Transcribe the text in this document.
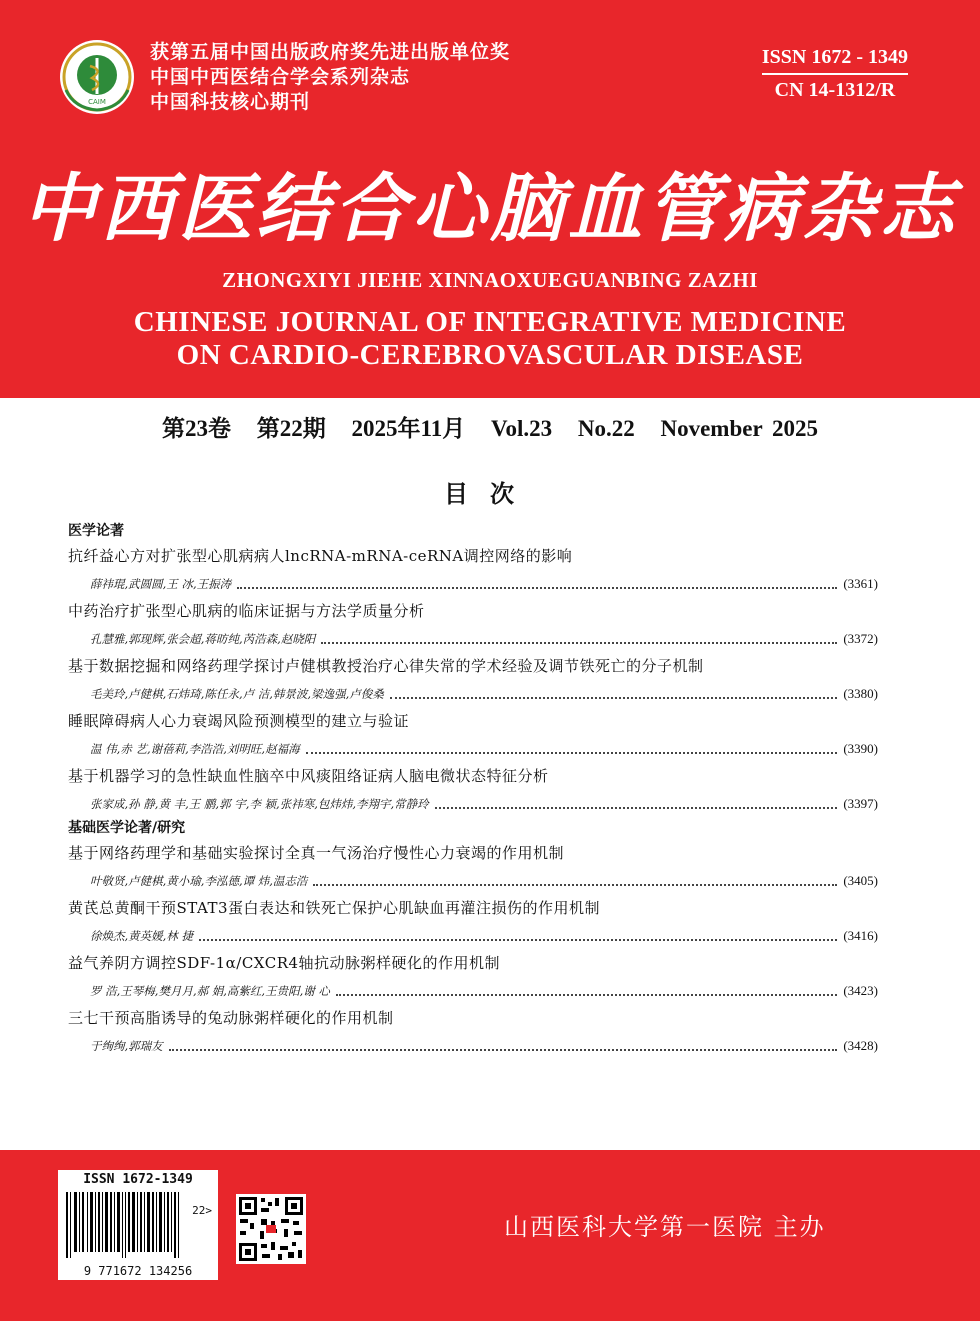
CAIM
获第五届中国出版政府奖先进出版单位奖
中国中西医结合学会系列杂志
中国科技核心期刊
ISSN 1672 - 1349
CN 14-1312/R
中西医结合心脑血管病杂志
ZHONGXIYI JIEHE XINNAOXUEGUANBING ZAZHI
CHINESE JOURNAL OF INTEGRATIVE MEDICINE
ON CARDIO-CEREBROVASCULAR DISEASE
第23卷 第22期 2025年11月 Vol.23 No.22 November 2025
目次
医学论著
抗纤益心方对扩张型心肌病病人lncRNA-mRNA-ceRNA调控网络的影响
薛祎琨,武圆圆,王 冰,王振涛	(3361)
中药治疗扩张型心肌病的临床证据与方法学质量分析
孔慧雅,郭现辉,张会超,蒋昉纯,芮浩森,赵晓阳	(3372)
基于数据挖掘和网络药理学探讨卢健棋教授治疗心律失常的学术经验及调节铁死亡的分子机制
毛美玲,卢健棋,石炜琦,陈任永,卢 洁,韩景波,梁逸强,卢俊桑	(3380)
睡眠障碍病人心力衰竭风险预测模型的建立与验证
温 伟,赤 艺,谢蓓莉,李浩浩,刘明旺,赵福海	(3390)
基于机器学习的急性缺血性脑卒中风痰阻络证病人脑电微状态特征分析
张家成,孙 静,黄 丰,王 鹏,郭 宇,李 颖,张祎寒,包炜炜,李翔宇,常静玲	(3397)
基础医学论著/研究
基于网络药理学和基础实验探讨全真一气汤治疗慢性心力衰竭的作用机制
叶敬贤,卢健棋,黄小瑜,李泓德,谭 炜,温志浩	(3405)
黄芪总黄酮干预STAT3蛋白表达和铁死亡保护心肌缺血再灌注损伤的作用机制
徐焕杰,黄英媛,林 捷	(3416)
益气养阴方调控SDF-1α/CXCR4轴抗动脉粥样硬化的作用机制
罗 浩,王琴梅,樊月月,郝 娟,高紫红,王贵阳,谢 心	(3423)
三七干预高脂诱导的兔动脉粥样硬化的作用机制
于绚绚,郭瑞友	(3428)
ISSN 1672-1349
22>
9 771672 134256
山西医科大学第一医院 主办
